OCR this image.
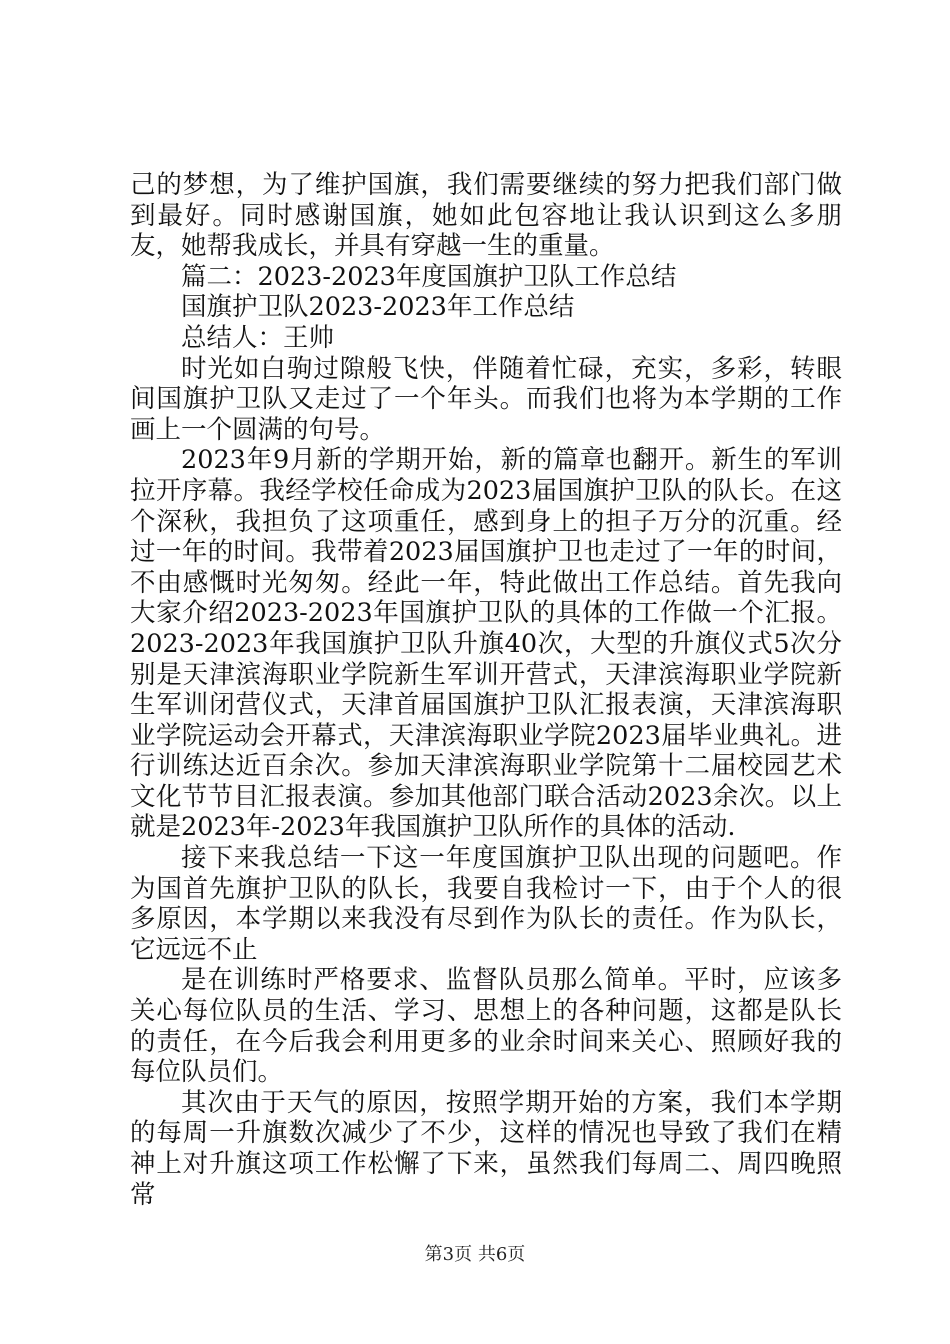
己的梦想，为了维护国旗，我们需要继续的努力把我们部门做到最好。同时感谢国旗，她如此包容地让我认识到这么多朋友，她帮我成长，并具有穿越一生的重量。

篇二：2023-2023年度国旗护卫队工作总结

国旗护卫队2023-2023年工作总结

总结人：王帅

时光如白驹过隙般飞快，伴随着忙碌，充实，多彩，转眼间国旗护卫队又走过了一个年头。而我们也将为本学期的工作画上一个圆满的句号。

2023年9月新的学期开始，新的篇章也翻开。新生的军训拉开序幕。我经学校任命成为2023届国旗护卫队的队长。在这个深秋，我担负了这项重任，感到身上的担子万分的沉重。经过一年的时间。我带着2023届国旗护卫也走过了一年的时间，不由感慨时光匆匆。经此一年，特此做出工作总结。首先我向大家介绍2023-2023年国旗护卫队的具体的工作做一个汇报。2023-2023年我国旗护卫队升旗40次，大型的升旗仪式5次分别是天津滨海职业学院新生军训开营式，天津滨海职业学院新生军训闭营仪式，天津首届国旗护卫队汇报表演，天津滨海职业学院运动会开幕式，天津滨海职业学院2023届毕业典礼。进行训练达近百余次。参加天津滨海职业学院第十二届校园艺术文化节节目汇报表演。参加其他部门联合活动2023余次。以上就是2023年-2023年我国旗护卫队所作的具体的活动.

接下来我总结一下这一年度国旗护卫队出现的问题吧。作为国首先旗护卫队的队长，我要自我检讨一下，由于个人的很多原因，本学期以来我没有尽到作为队长的责任。作为队长，它远远不止

是在训练时严格要求、监督队员那么简单。平时，应该多关心每位队员的生活、学习、思想上的各种问题，这都是队长的责任，在今后我会利用更多的业余时间来关心、照顾好我的每位队员们。

其次由于天气的原因，按照学期开始的方案，我们本学期的每周一升旗数次减少了不少，这样的情况也导致了我们在精神上对升旗这项工作松懈了下来，虽然我们每周二、周四晚照常

第3页 共6页
